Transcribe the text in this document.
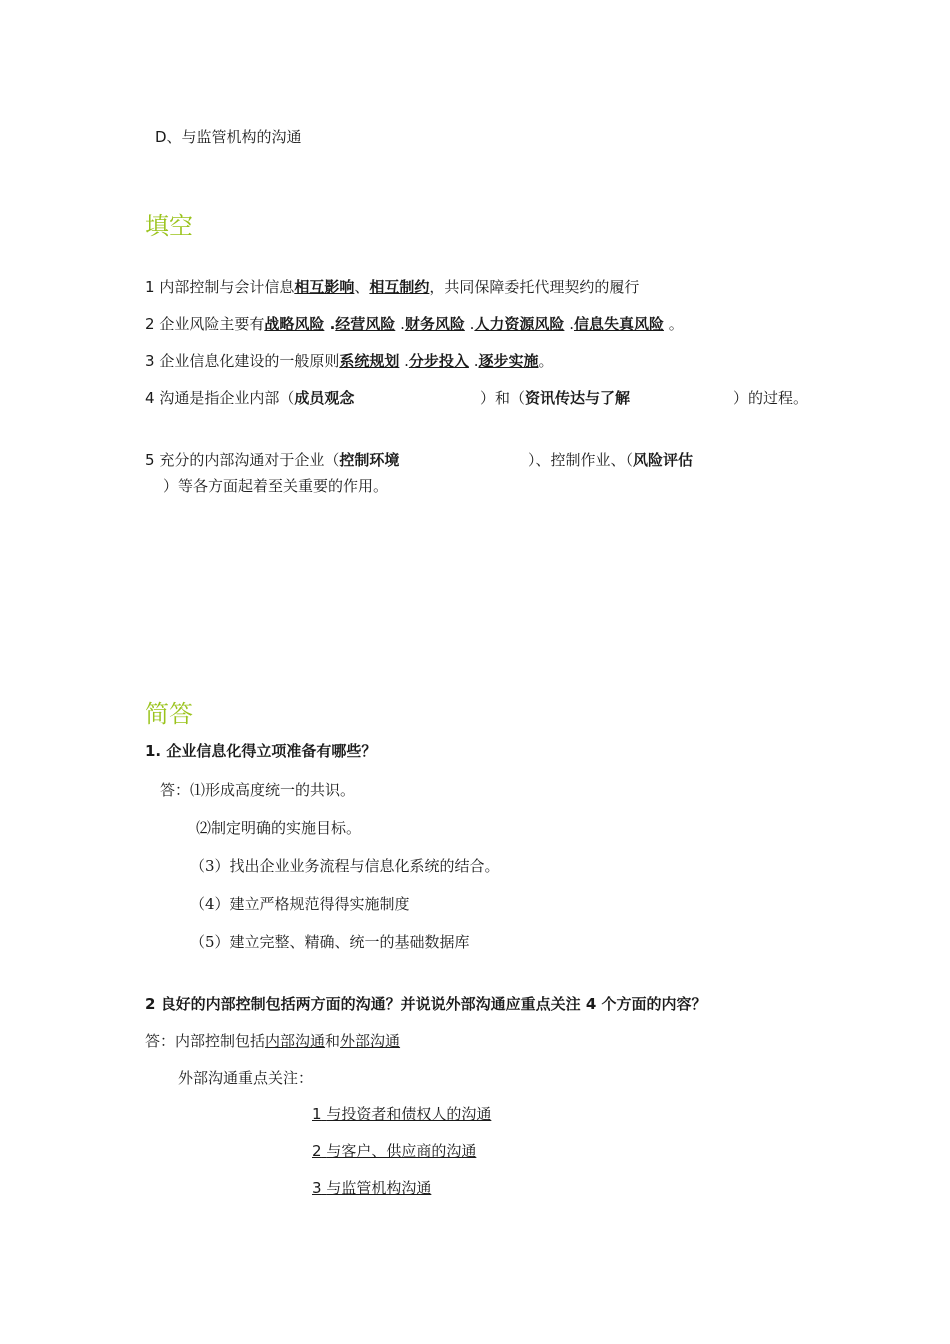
D、与监管机构的沟通
填空
1 内部控制与会计信息相互影响、相互制约，共同保障委托代理契约的履行
2 企业风险主要有战略风险 .经营风险 .财务风险 .人力资源风险 .信息失真风险 。
3 企业信息化建设的一般原则系统规划 .分步投入 .逐步实施。
4 沟通是指企业内部（成员观念	）和（资讯传达与了解	）的过程。
5 充分的内部沟通对于企业（控制环境	）、控制作业、（风险评估
）等各方面起着至关重要的作用。
简答
1. 企业信息化得立项准备有哪些？
答：⑴形成高度统一的共识。
⑵制定明确的实施目标。
（3）找出企业业务流程与信息化系统的结合。
（4）建立严格规范得得实施制度
（5）建立完整、精确、统一的基础数据库
2 良好的内部控制包括两方面的沟通？并说说外部沟通应重点关注 4 个方面的内容？
答：内部控制包括内部沟通和外部沟通
外部沟通重点关注：
1 与投资者和债权人的沟通
2 与客户、供应商的沟通
3 与监管机构沟通
